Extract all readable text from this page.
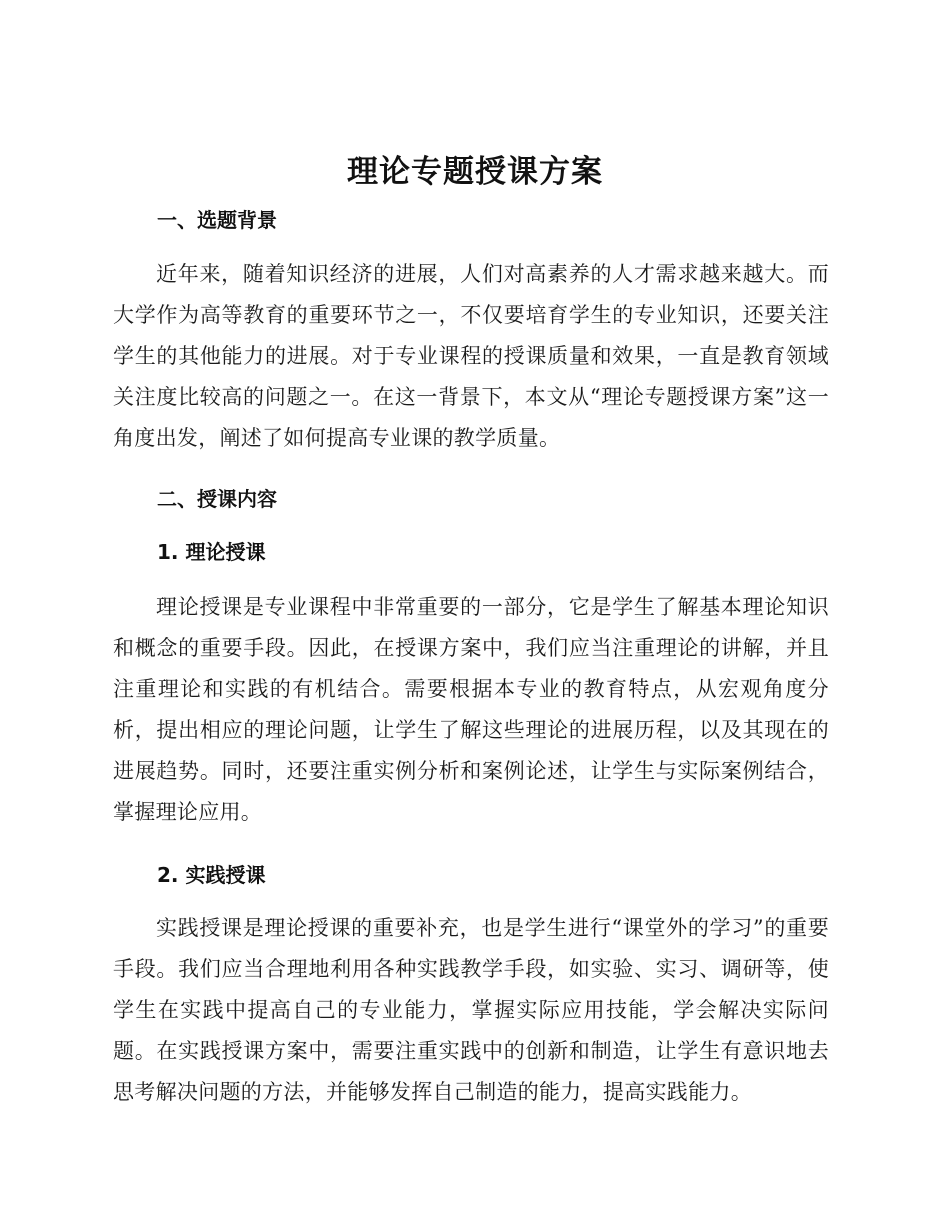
理论专题授课方案
一、选题背景

近年来，随着知识经济的进展，人们对高素养的人才需求越来越大。而大学作为高等教育的重要环节之一，不仅要培育学生的专业知识，还要关注学生的其他能力的进展。对于专业课程的授课质量和效果，一直是教育领域关注度比较高的问题之一。在这一背景下，本文从“理论专题授课方案”这一角度出发，阐述了如何提高专业课的教学质量。

二、授课内容
1. 理论授课

理论授课是专业课程中非常重要的一部分，它是学生了解基本理论知识和概念的重要手段。因此，在授课方案中，我们应当注重理论的讲解，并且注重理论和实践的有机结合。需要根据本专业的教育特点，从宏观角度分析，提出相应的理论问题，让学生了解这些理论的进展历程，以及其现在的进展趋势。同时，还要注重实例分析和案例论述，让学生与实际案例结合，掌握理论应用。

2. 实践授课

实践授课是理论授课的重要补充，也是学生进行“课堂外的学习”的重要手段。我们应当合理地利用各种实践教学手段，如实验、实习、调研等，使学生在实践中提高自己的专业能力，掌握实际应用技能，学会解决实际问题。在实践授课方案中，需要注重实践中的创新和制造，让学生有意识地去思考解决问题的方法，并能够发挥自己制造的能力，提高实践能力。
